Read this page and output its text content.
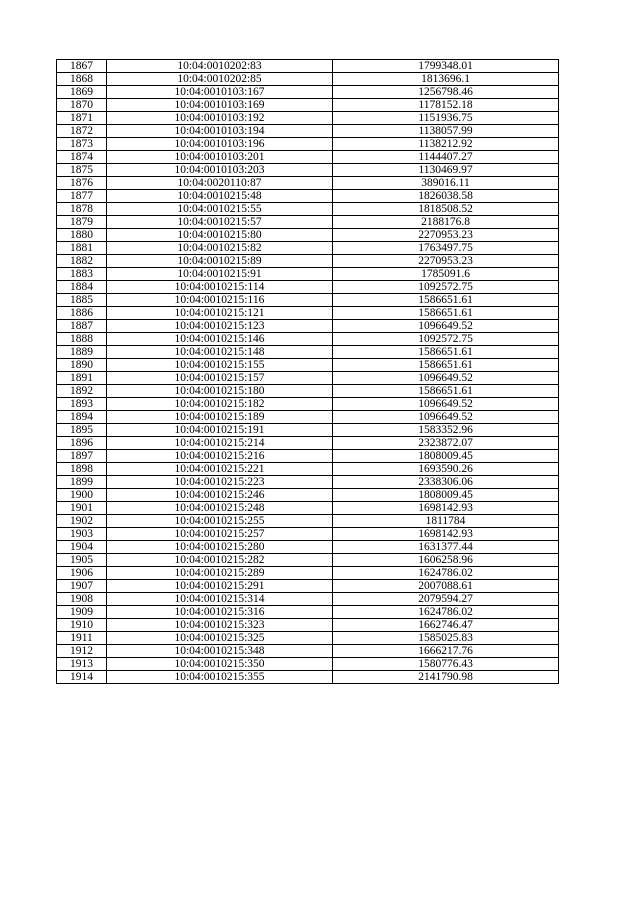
1867	10:04:0010202:83	1799348.01
1868	10:04:0010202:85	1813696.1
1869	10:04:0010103:167	1256798.46
1870	10:04:0010103:169	1178152.18
1871	10:04:0010103:192	1151936.75
1872	10:04:0010103:194	1138057.99
1873	10:04:0010103:196	1138212.92
1874	10:04:0010103:201	1144407.27
1875	10:04:0010103:203	1130469.97
1876	10:04:0020110:87	389016.11
1877	10:04:0010215:48	1826038.58
1878	10:04:0010215:55	1818508.52
1879	10:04:0010215:57	2188176.8
1880	10:04:0010215:80	2270953.23
1881	10:04:0010215:82	1763497.75
1882	10:04:0010215:89	2270953.23
1883	10:04:0010215:91	1785091.6
1884	10:04:0010215:114	1092572.75
1885	10:04:0010215:116	1586651.61
1886	10:04:0010215:121	1586651.61
1887	10:04:0010215:123	1096649.52
1888	10:04:0010215:146	1092572.75
1889	10:04:0010215:148	1586651.61
1890	10:04:0010215:155	1586651.61
1891	10:04:0010215:157	1096649.52
1892	10:04:0010215:180	1586651.61
1893	10:04:0010215:182	1096649.52
1894	10:04:0010215:189	1096649.52
1895	10:04:0010215:191	1583352.96
1896	10:04:0010215:214	2323872.07
1897	10:04:0010215:216	1808009.45
1898	10:04:0010215:221	1693590.26
1899	10:04:0010215:223	2338306.06
1900	10:04:0010215:246	1808009.45
1901	10:04:0010215:248	1698142.93
1902	10:04:0010215:255	1811784
1903	10:04:0010215:257	1698142.93
1904	10:04:0010215:280	1631377.44
1905	10:04:0010215:282	1606258.96
1906	10:04:0010215:289	1624786.02
1907	10:04:0010215:291	2007088.61
1908	10:04:0010215:314	2079594.27
1909	10:04:0010215:316	1624786.02
1910	10:04:0010215:323	1662746.47
1911	10:04:0010215:325	1585025.83
1912	10:04:0010215:348	1666217.76
1913	10:04:0010215:350	1580776.43
1914	10:04:0010215:355	2141790.98
